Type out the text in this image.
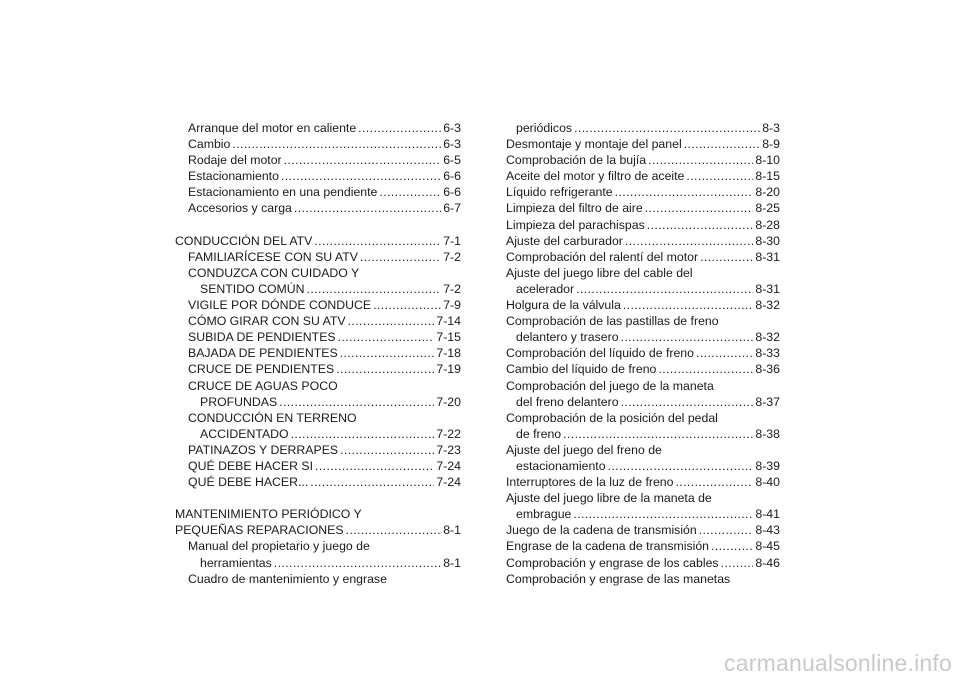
Arranque del motor en caliente .....	6-3
Cambio .....	6-3
Rodaje del motor .....	6-5
Estacionamiento .....	6-6
Estacionamiento en una pendiente .....	6-6
Accesorios y carga .....	6-7
CONDUCCIÓN DEL ATV .....	7-1
FAMILIARÍCESE CON SU ATV .....	7-2
CONDUZCA CON CUIDADO Y
SENTIDO COMÚN .....	7-2
VIGILE POR DÓNDE CONDUCE .....	7-9
CÓMO GIRAR CON SU ATV .....	7-14
SUBIDA DE PENDIENTES .....	7-15
BAJADA DE PENDIENTES .....	7-18
CRUCE DE PENDIENTES .....	7-19
CRUCE DE AGUAS POCO
PROFUNDAS .....	7-20
CONDUCCIÓN EN TERRENO
ACCIDENTADO .....	7-22
PATINAZOS Y DERRAPES .....	7-23
QUÉ DEBE HACER SI .....	7-24
QUÉ DEBE HACER... .....	7-24
MANTENIMIENTO PERIÓDICO Y
PEQUEÑAS REPARACIONES .....	8-1
Manual del propietario y juego de
herramientas .....	8-1
Cuadro de mantenimiento y engrase
periódicos .....	8-3
Desmontaje y montaje del panel .....	8-9
Comprobación de la bujía .....	8-10
Aceite del motor y filtro de aceite .....	8-15
Líquido refrigerante .....	8-20
Limpieza del filtro de aire .....	8-25
Limpieza del parachispas .....	8-28
Ajuste del carburador .....	8-30
Comprobación del ralentí del motor .....	8-31
Ajuste del juego libre del cable del
acelerador .....	8-31
Holgura de la válvula .....	8-32
Comprobación de las pastillas de freno
delantero y trasero .....	8-32
Comprobación del líquido de freno .....	8-33
Cambio del líquido de freno .....	8-36
Comprobación del juego de la maneta
del freno delantero .....	8-37
Comprobación de la posición del pedal
de freno .....	8-38
Ajuste del juego del freno de
estacionamiento .....	8-39
Interruptores de la luz de freno .....	8-40
Ajuste del juego libre de la maneta de
embrague .....	8-41
Juego de la cadena de transmisión .....	8-43
Engrase de la cadena de transmisión .....	8-45
Comprobación y engrase de los cables .....	8-46
Comprobación y engrase de las manetas
carmanualsonline.info
